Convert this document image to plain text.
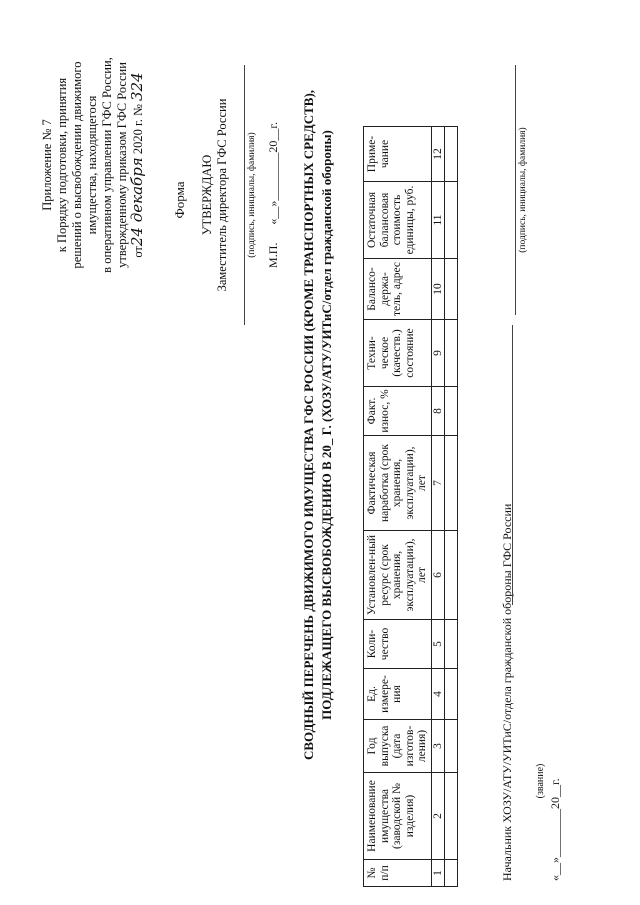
Приложение № 7 к Порядку подготовки, принятия решений о высвобождении движимого имущества, находящегося в оперативном управлении ГФС России, утвержденному приказом ГФС России от24 декабря 2020 г. № 324
Форма УТВЕРЖДАЮ Заместитель директора ГФС России	(подпись, инициалы, фамилия) М.П.      «__»________20__г. СВОДНЫЙ ПЕРЕЧЕНЬ ДВИЖИМОГО ИМУЩЕСТВА ГФС РОССИИ (КРОМЕ ТРАНСПОРТНЫХ СРЕДСТВ), ПОДЛЕЖАЩЕГО ВЫСВОБОЖДЕНИЮ В 20_ Г. (ХОЗУ/АТУ/УИТиС/отдел гражданской обороны)
№ п/п	Наименование имущества (заводской № изделия)	Год выпуска (дата изготов-ления)	Ед. измере-ния	Коли-чество	Установлен-ный ресурс (срок хранения, эксплуатации), лет	Фактическая наработка (срок хранения, эксплуатации), лет	Факт. износ, %	Техни-ческое (качеств.) состояние	Балансо-держа-тель, адрес	Остаточная балансовая стоимость единицы, руб.	Приме-чание
1	2	3	4	5	6	7	8	9	10	11	12

Начальник ХОЗУ/АТУ/УИТиС/отдела гражданской обороны ГФС России
(подпись, инициалы, фамилия)
(звание) «__»________20__г.
